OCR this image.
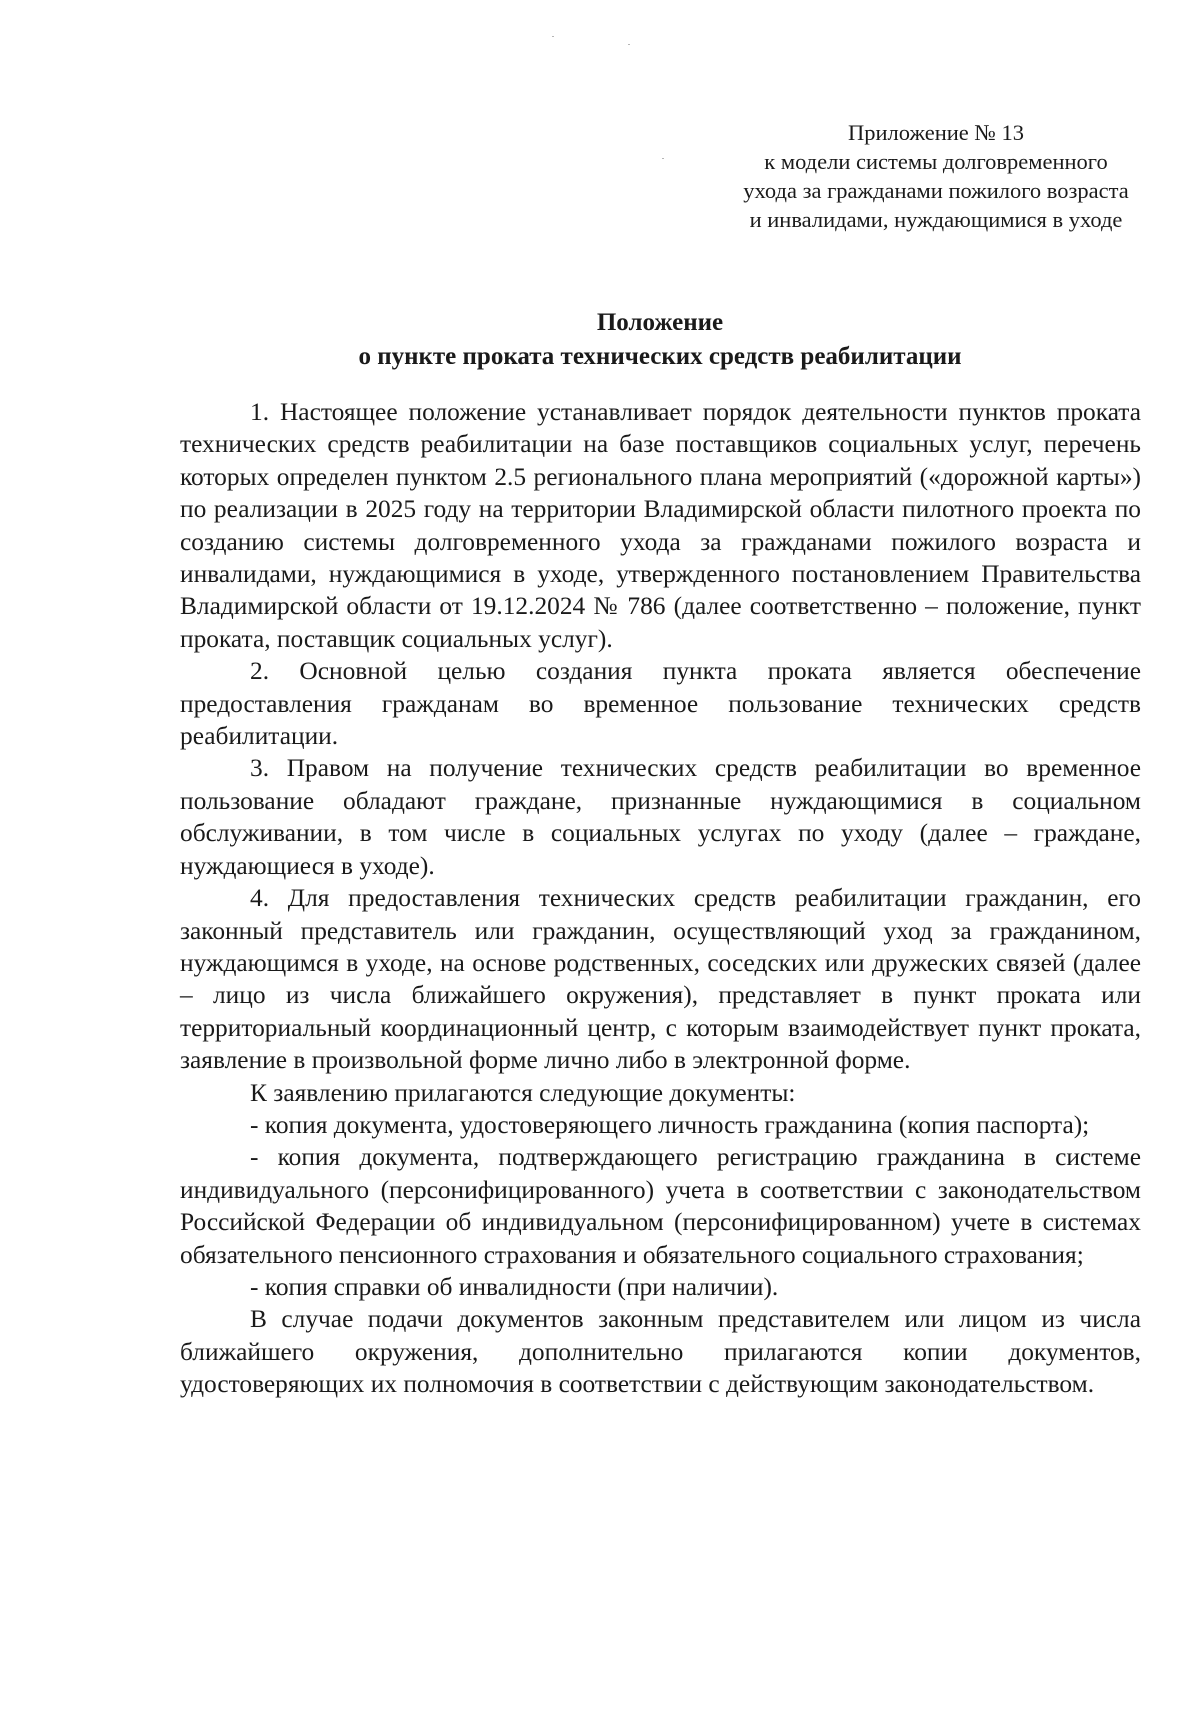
Приложение № 13
к модели системы долговременного
ухода за гражданами пожилого возраста
и инвалидами, нуждающимися в уходе
Положение
о пункте проката технических средств реабилитации

1. Настоящее положение устанавливает порядок деятельности пунктов проката технических средств реабилитации на базе поставщиков социальных услуг, перечень которых определен пунктом 2.5 регионального плана мероприятий («дорожной карты») по реализации в 2025 году на территории Владимирской области пилотного проекта по созданию системы долговременного ухода за гражданами пожилого возраста и инвалидами, нуждающимися в уходе, утвержденного постановлением Правительства Владимирской области от 19.12.2024 № 786 (далее соответственно – положение, пункт проката, поставщик социальных услуг).

2. Основной целью создания пункта проката является обеспечение предоставления гражданам во временное пользование технических средств реабилитации.

3. Правом на получение технических средств реабилитации во временное пользование обладают граждане, признанные нуждающимися в социальном обслуживании, в том числе в социальных услугах по уходу (далее – граждане, нуждающиеся в уходе).

4. Для предоставления технических средств реабилитации гражданин, его законный представитель или гражданин, осуществляющий уход за гражданином, нуждающимся в уходе, на основе родственных, соседских или дружеских связей (далее – лицо из числа ближайшего окружения), представляет в пункт проката или территориальный координационный центр, с которым взаимодействует пункт проката, заявление в произвольной форме лично либо в электронной форме.

К заявлению прилагаются следующие документы:

- копия документа, удостоверяющего личность гражданина (копия паспорта);

- копия документа, подтверждающего регистрацию гражданина в системе индивидуального (персонифицированного) учета в соответствии с законодательством Российской Федерации об индивидуальном (персонифицированном) учете в системах обязательного пенсионного страхования и обязательного социального страхования;

- копия справки об инвалидности (при наличии).

В случае подачи документов законным представителем или лицом из числа ближайшего окружения, дополнительно прилагаются копии документов, удостоверяющих их полномочия в соответствии с действующим законодательством.
